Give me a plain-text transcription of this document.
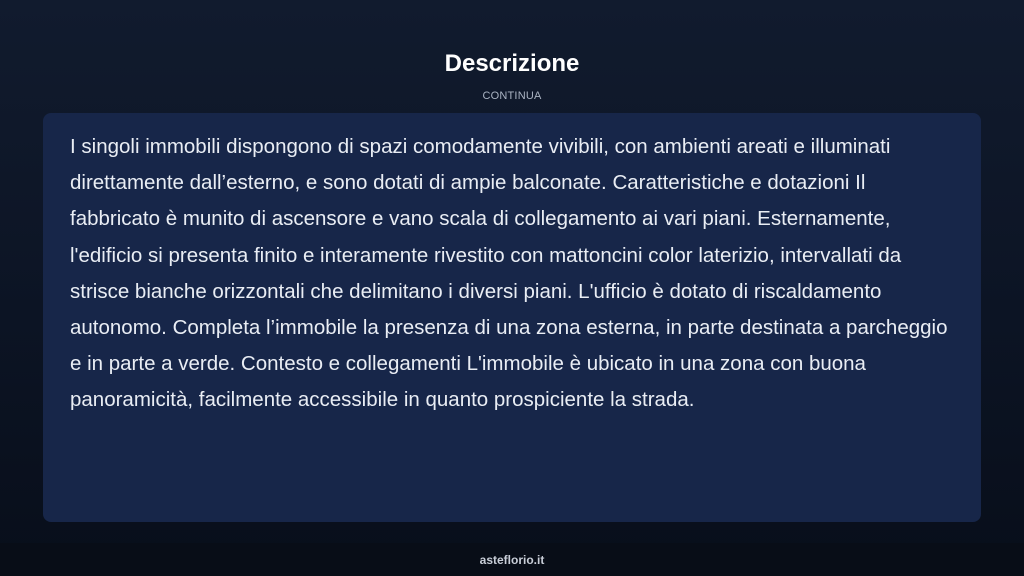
Descrizione
CONTINUA

I singoli immobili dispongono di spazi comodamente vivibili, con ambienti areati e illuminati direttamente dall’esterno, e sono dotati di ampie balconate. Caratteristiche e dotazioni Il fabbricato è munito di ascensore e vano scala di collegamento ai vari piani. Esternamente, l'edificio si presenta finito e interamente rivestito con mattoncini color laterizio, intervallati da strisce bianche orizzontali che delimitano i diversi piani. L'ufficio è dotato di riscaldamento autonomo. Completa l’immobile la presenza di una zona esterna, in parte destinata a parcheggio e in parte a verde. Contesto e collegamenti L'immobile è ubicato in una zona con buona panoramicità, facilmente accessibile in quanto prospiciente la strada.

asteflorio.it
